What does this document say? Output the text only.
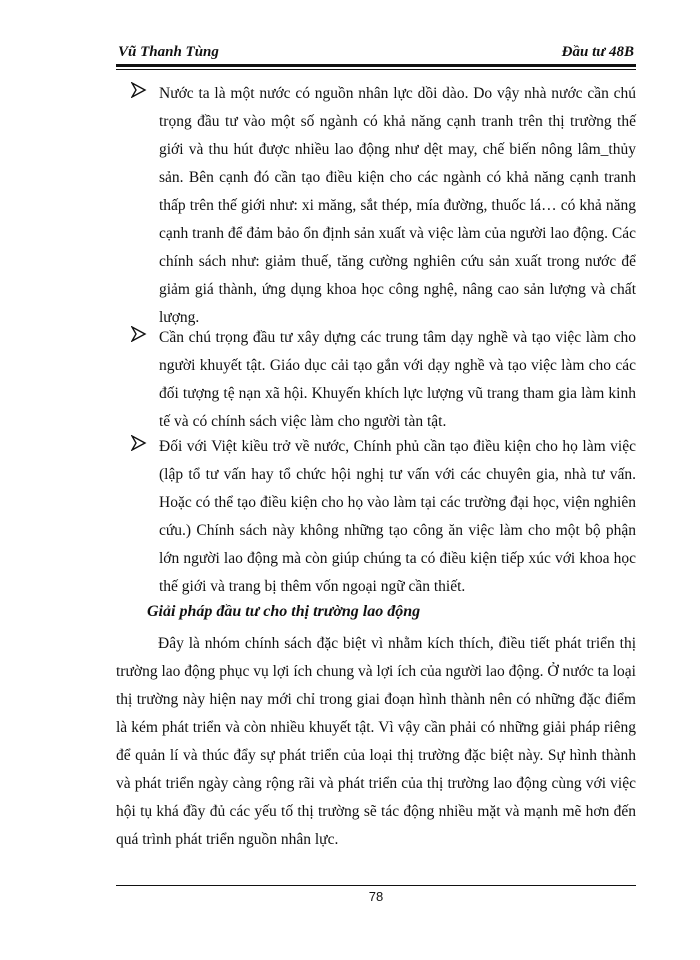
Vũ Thanh Tùng	Đầu tư 48B
Nước ta là một nước có nguồn nhân lực dồi dào. Do vậy nhà nước cần chú trọng đầu tư vào một số ngành có khả năng cạnh tranh trên thị trường thế giới và thu hút được nhiều lao động như dệt may, chế biến nông lâm_thủy sản. Bên cạnh đó cần tạo điều kiện cho các ngành có khả năng cạnh tranh thấp trên thế giới như: xi măng, sắt thép, mía đường, thuốc lá… có khả năng cạnh tranh để đảm bảo ổn định sản xuất và việc làm của người lao động. Các chính sách như: giảm thuế, tăng cường nghiên cứu sản xuất trong nước để giảm giá thành, ứng dụng khoa học công nghệ, nâng cao sản lượng và chất lượng.
Cần chú trọng đầu tư xây dựng các trung tâm dạy nghề và tạo việc làm cho người khuyết tật. Giáo dục cải tạo gắn với dạy nghề và tạo việc làm cho các đối tượng tệ nạn xã hội. Khuyến khích lực lượng vũ trang tham gia làm kinh tế và có chính sách việc làm cho người tàn tật.
Đối với Việt kiều trở về nước, Chính phủ cần tạo điều kiện cho họ làm việc (lập tổ tư vấn hay tổ chức hội nghị tư vấn với các chuyên gia, nhà tư vấn. Hoặc có thể tạo điều kiện cho họ vào làm tại các trường đại học, viện nghiên cứu.) Chính sách này không những tạo công ăn việc làm cho một bộ phận lớn người lao động mà còn giúp chúng ta có điều kiện tiếp xúc với khoa học thế giới và trang bị thêm vốn ngoại ngữ cần thiết.
Giải pháp đầu tư cho thị trường lao động
Đây là nhóm chính sách đặc biệt vì nhằm kích thích, điều tiết phát triển thị trường lao động phục vụ lợi ích chung và lợi ích của người lao động. Ở nước ta loại thị trường này hiện nay mới chỉ trong giai đoạn hình thành nên có những đặc điểm là kém phát triển và còn nhiều khuyết tật. Vì vậy cần phải có những giải pháp riêng để quản lí và thúc đẩy sự phát triển của loại thị trường đặc biệt này. Sự hình thành và phát triển ngày càng rộng rãi và phát triển của thị trường lao động cùng với việc hội tụ khá đầy đủ các yếu tố thị trường sẽ tác động nhiều mặt và mạnh mẽ hơn đến quá trình phát triển nguồn nhân lực.
78
